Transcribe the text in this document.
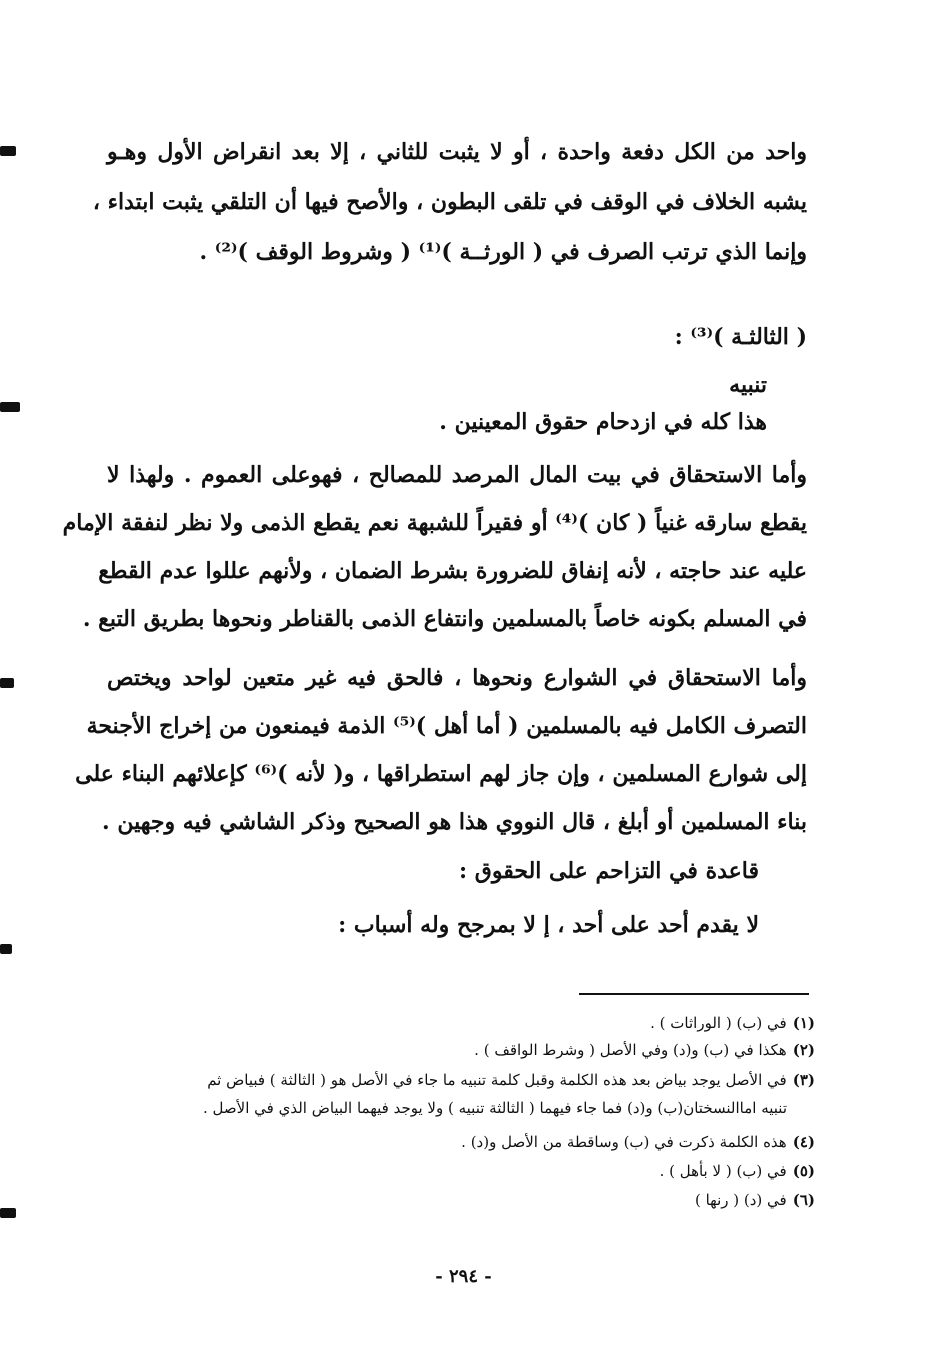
واحد من الكل دفعة واحدة ، أو لا يثبت للثاني ، إلا بعد انقراض الأول وهـو
يشبه الخلاف في الوقف في تلقى البطون ، والأصح فيها أن التلقي يثبت ابتداء ،
وإنما الذي ترتب الصرف في ( الورثــة )⁽¹⁾ ( وشروط الوقف )⁽²⁾ .
( الثالثـة )⁽³⁾ :
تنبيه
هذا كله في ازدحام حقوق المعينين .
وأما الاستحقاق في بيت المال المرصد للمصالح ، فهوعلى العموم . ولهذا لا
يقطع سارقه غنياً ( كان )⁽⁴⁾ أو فقيراً للشبهة نعم يقطع الذمى ولا نظر لنفقة الإمام
عليه عند حاجته ، لأنه إنفاق للضرورة بشرط الضمان ، ولأنهم عللوا عدم القطع
في المسلم بكونه خاصاً بالمسلمين وانتفاع الذمى بالقناطر ونحوها بطريق التبع .
وأما الاستحقاق في الشوارع ونحوها ، فالحق فيه غير متعين لواحد ويختص
التصرف الكامل فيه بالمسلمين ( أما أهل )⁽⁵⁾ الذمة فيمنعون من إخراج الأجنحة
إلى شوارع المسلمين ، وإن جاز لهم استطراقها ، و( لأنه )⁽⁶⁾ كإعلائهم البناء على
بناء المسلمين أو أبلغ ، قال النووي هذا هو الصحيح وذكر الشاشي فيه وجهين .
قاعدة في التزاحم على الحقوق :
لا يقدم أحد على أحد ، إ لا بمرجح وله أسباب :
(١)في (ب) ( الوراثات ) .
(٢)هكذا في (ب) و(د) وفي الأصل ( وشرط الواقف ) .
(٣)في الأصل يوجد بياض بعد هذه الكلمة وقبل كلمة تنبيه ما جاء في الأصل هو ( الثالثة ) فبياض ثم
تنبيه اماالنسختان(ب) و(د) فما جاء فيهما ( الثالثة تنبيه ) ولا يوجد فيهما البياض الذي في الأصل .
(٤)هذه الكلمة ذكرت في (ب) وساقطة من الأصل و(د) .
(٥)في (ب) ( لا بأهل ) .
(٦)في (د) ( رنها )
- ٢٩٤ -
